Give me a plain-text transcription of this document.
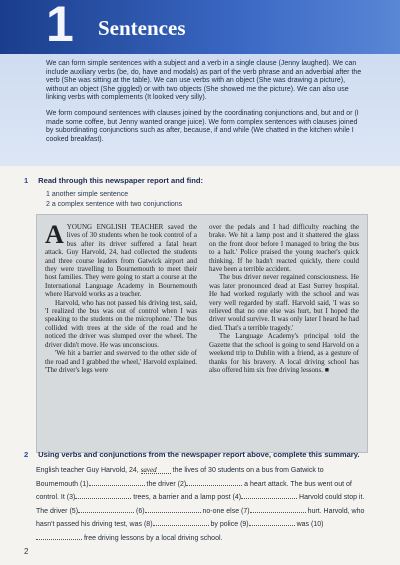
1 Sentences

We can form simple sentences with a subject and a verb in a single clause (Jenny laughed). We can include auxiliary verbs (be, do, have and modals) as part of the verb phrase and an adverbial after the verb (She was sitting at the table). We can use verbs with an object (She was drawing a picture), without an object (She giggled) or with two objects (She showed me the picture). We can also use linking verbs with complements (It looked very silly).

We form compound sentences with clauses joined by the coordinating conjunctions and, but and or (I made some coffee, but Jenny wanted orange juice). We form complex sentences with clauses joined by subordinating conjunctions such as after, because, if and while (We chatted in the kitchen while I cooked breakfast).

1 Read through this newspaper report and find:
1 another simple sentence
2 a complex sentence with two conjunctions

AYOUNG ENGLISH TEACHER saved the lives of 30 students when he took control of a bus after its driver suffered a fatal heart attack. Guy Harvold, 24, had collected the students and three course leaders from Gatwick airport and they were travelling to Bournemouth to meet their host families. They were going to start a course at the International Language Academy in Bournemouth where Harvold works as a teacher.

Harvold, who has not passed his driving test, said, 'I realized the bus was out of control when I was speaking to the students on the microphone.' The bus collided with trees at the side of the road and he noticed the driver was slumped over the wheel. The driver didn't move. He was unconscious.

'We hit a barrier and swerved to the other side of the road and I grabbed the wheel,' Harvold explained. 'The driver's legs were

over the pedals and I had difficulty reaching the brake. We hit a lamp post and it shattered the glass on the front door before I managed to bring the bus to a halt.' Police praised the young teacher's quick thinking. If he hadn't reacted quickly, there could have been a terrible accident.

The bus driver never regained consciousness. He was later pronounced dead at East Surrey hospital. He had worked regularly with the school and was very well regarded by staff. Harvold said, 'I was so relieved that no one else was hurt, but I hoped the driver would survive. It was only later I heard he had died. That's a terrible tragedy.'

The Language Academy's principal told the Gazette that the school is going to send Harvold on a weekend trip to Dublin with a friend, as a gesture of thanks for his bravery. A local driving school has also offered him six free driving lessons. ■

2 Using verbs and conjunctions from the newspaper report above, complete this summary.
English teacher Guy Harvold, 24, saved the lives of 30 students on a bus from Gatwick to Bournemouth (1)	the driver (2)	a heart attack. The bus went out of control. It (3)	trees, a barrier and a lamp post (4)	Harvold could stop it. The driver (5)	(6)	no-one else (7)	hurt. Harvold, who hasn't passed his driving test, was (8)	by police (9)	was (10) free driving lessons by a local driving school.
2
